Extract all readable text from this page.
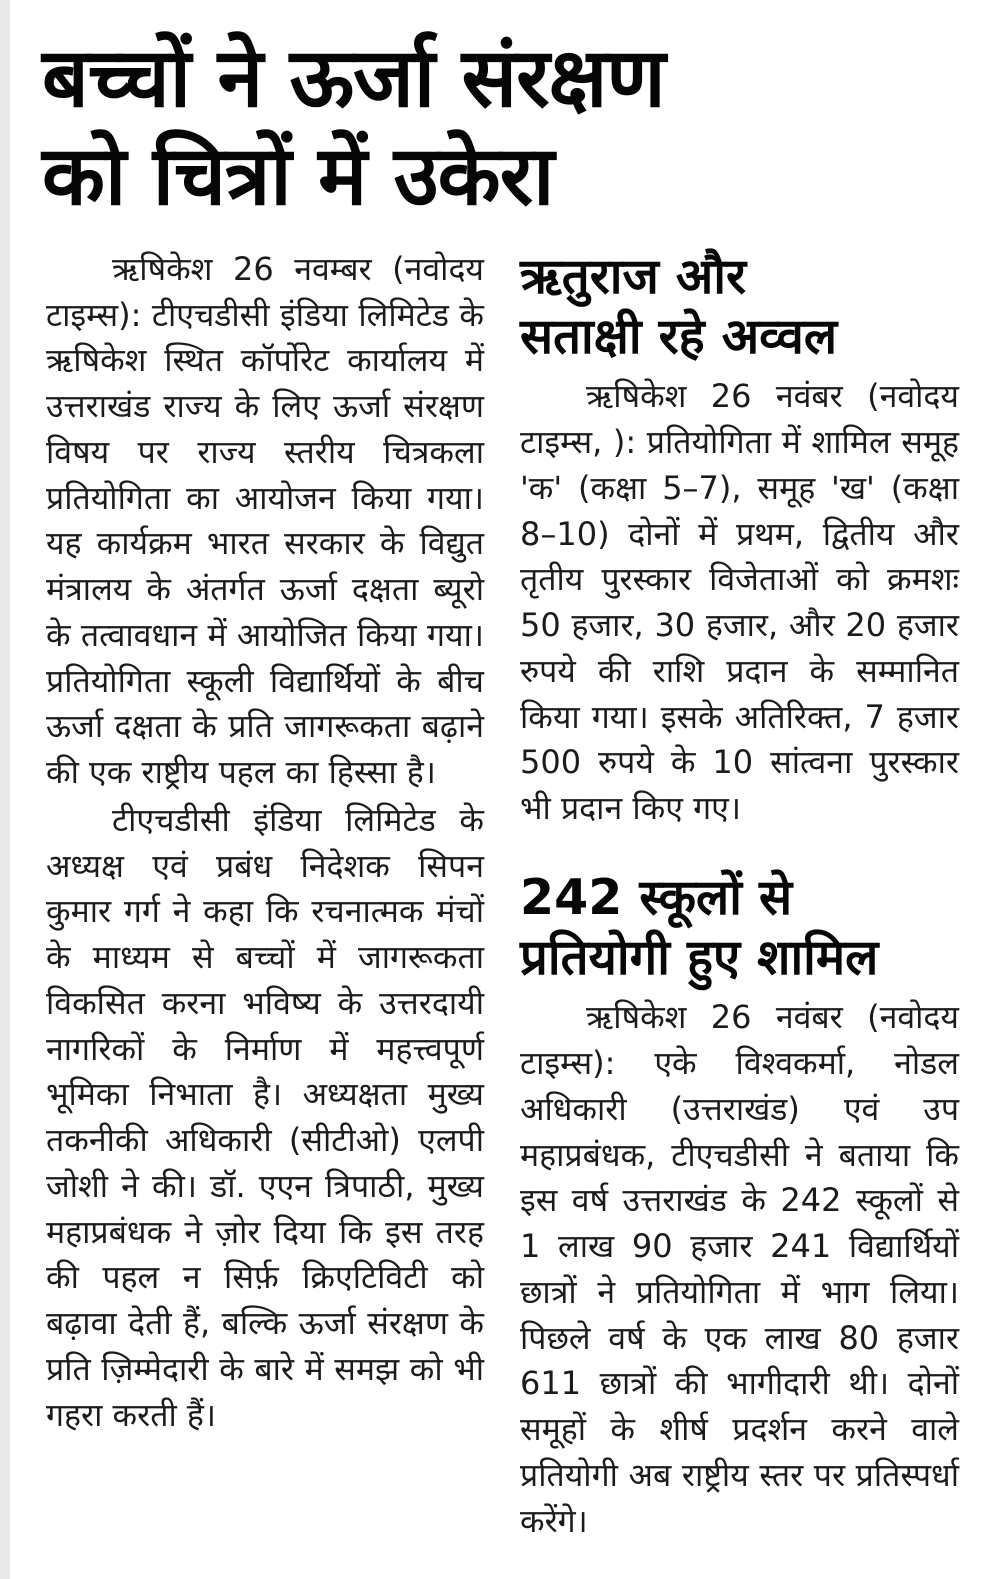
बच्चों ने ऊर्जा संरक्षण
को चित्रों में उकेरा

ऋषिकेश 26 नवम्बर (नवोदय टाइम्स): टीएचडीसी इंडिया लिमिटेड के ऋषिकेश स्थित कॉर्पोरेट कार्यालय में उत्तराखंड राज्य के लिए ऊर्जा संरक्षण विषय पर राज्य स्तरीय चित्रकला प्रतियोगिता का आयोजन किया गया। यह कार्यक्रम भारत सरकार के विद्युत मंत्रालय के अंतर्गत ऊर्जा दक्षता ब्यूरो के तत्वावधान में आयोजित किया गया। प्रतियोगिता स्कूली विद्यार्थियों के बीच ऊर्जा दक्षता के प्रति जागरूकता बढ़ाने की एक राष्ट्रीय पहल का हिस्सा है।

टीएचडीसी इंडिया लिमिटेड के अध्यक्ष एवं प्रबंध निदेशक सिपन कुमार गर्ग ने कहा कि रचनात्मक मंचों के माध्यम से बच्चों में जागरूकता विकसित करना भविष्य के उत्तरदायी नागरिकों के निर्माण में महत्त्वपूर्ण भूमिका निभाता है। अध्यक्षता मुख्य तकनीकी अधिकारी (सीटीओ) एलपी जोशी ने की। डॉ. एएन त्रिपाठी, मुख्य महाप्रबंधक ने ज़ोर दिया कि इस तरह की पहल न सिर्फ़ क्रिएटिविटी को बढ़ावा देती हैं, बल्कि ऊर्जा संरक्षण के प्रति ज़िम्मेदारी के बारे में समझ को भी गहरा करती हैं।

ऋतुराज और
सताक्षी रहे अव्वल

ऋषिकेश 26 नवंबर (नवोदय टाइम्स, ): प्रतियोगिता में शामिल समूह 'क' (कक्षा 5–7), समूह 'ख' (कक्षा 8–10) दोनों में प्रथम, द्वितीय और तृतीय पुरस्कार विजेताओं को क्रमशः 50 हजार, 30 हजार, और 20 हजार रुपये की राशि प्रदान के सम्मानित किया गया। इसके अतिरिक्त, 7 हजार 500 रुपये के 10 सांत्वना पुरस्कार भी प्रदान किए गए।

242 स्कूलों से
प्रतियोगी हुए शामिल

ऋषिकेश 26 नवंबर (नवोदय टाइम्स): एके विश्वकर्मा, नोडल अधिकारी (उत्तराखंड) एवं उप महाप्रबंधक, टीएचडीसी ने बताया कि इस वर्ष उत्तराखंड के 242 स्कूलों से 1 लाख 90 हजार 241 विद्यार्थियों छात्रों ने प्रतियोगिता में भाग लिया। पिछले वर्ष के एक लाख 80 हजार 611 छात्रों की भागीदारी थी। दोनों समूहों के शीर्ष प्रदर्शन करने वाले प्रतियोगी अब राष्ट्रीय स्तर पर प्रतिस्पर्धा करेंगे।
